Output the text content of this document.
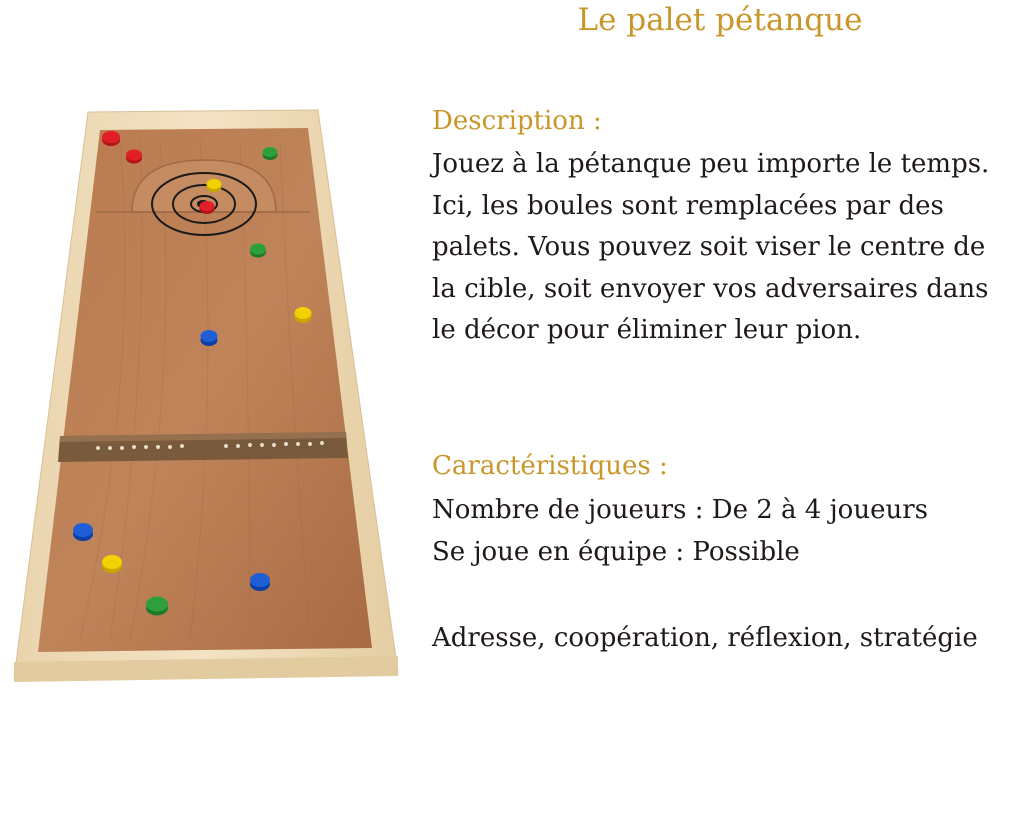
Le palet pétanque
Description :
Jouez à la pétanque peu importe le temps. Ici, les boules sont remplacées par des palets. Vous pouvez soit viser le centre de la cible, soit envoyer vos adversaires dans le décor pour éliminer leur pion.
Caractéristiques :
Nombre de joueurs : De 2 à 4 joueurs
Se joue en équipe : Possible
Adresse, coopération, réflexion, stratégie
